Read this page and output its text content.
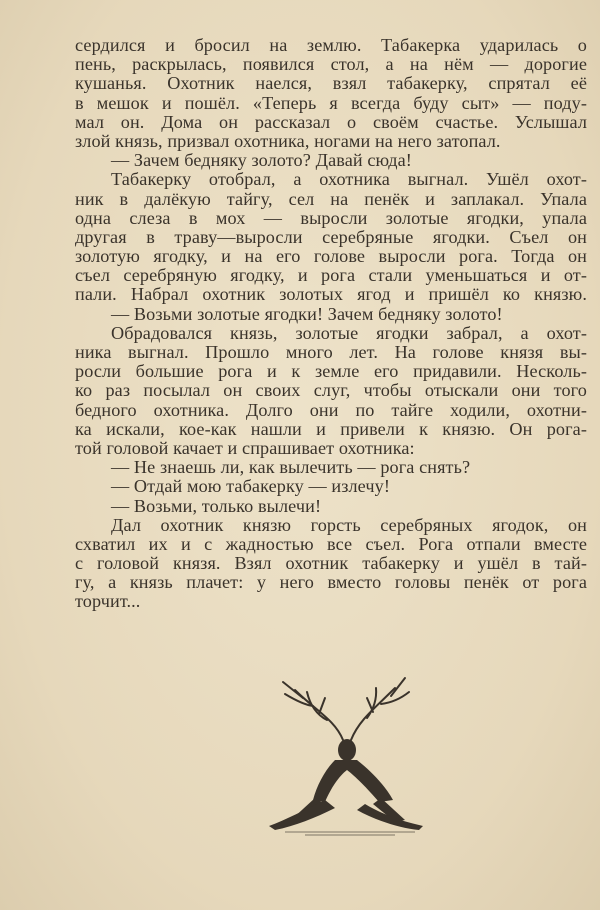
сердился и бросил на землю. Табакерка ударилась о
пень, раскрылась, появился стол, а на нём — дорогие
кушанья. Охотник наелся, взял табакерку, спрятал её
в мешок и пошёл. «Теперь я всегда буду сыт» — поду-
мал он. Дома он рассказал о своём счастье. Услышал
злой князь, призвал охотника, ногами на него затопал.
— Зачем бедняку золото? Давай сюда!
Табакерку отобрал, а охотника выгнал. Ушёл охот-
ник в далёкую тайгу, сел на пенёк и заплакал. Упала
одна слеза в мох — выросли золотые ягодки, упала
другая в траву—выросли серебряные ягодки. Съел он
золотую ягодку, и на его голове выросли рога. Тогда он
съел серебряную ягодку, и рога стали уменьшаться и от-
пали. Набрал охотник золотых ягод и пришёл ко князю.
— Возьми золотые ягодки! Зачем бедняку золото!
Обрадовался князь, золотые ягодки забрал, а охот-
ника выгнал. Прошло много лет. На голове князя вы-
росли большие рога и к земле его придавили. Несколь-
ко раз посылал он своих слуг, чтобы отыскали они того
бедного охотника. Долго они по тайге ходили, охотни-
ка искали, кое-как нашли и привели к князю. Он рога-
той головой качает и спрашивает охотника:
— Не знаешь ли, как вылечить — рога снять?
— Отдай мою табакерку — излечу!
— Возьми, только вылечи!
Дал охотник князю горсть серебряных ягодок, он
схватил их и с жадностью все съел. Рога отпали вместе
с головой князя. Взял охотник табакерку и ушёл в тай-
гу, а князь плачет: у него вместо головы пенёк от рога
торчит...
